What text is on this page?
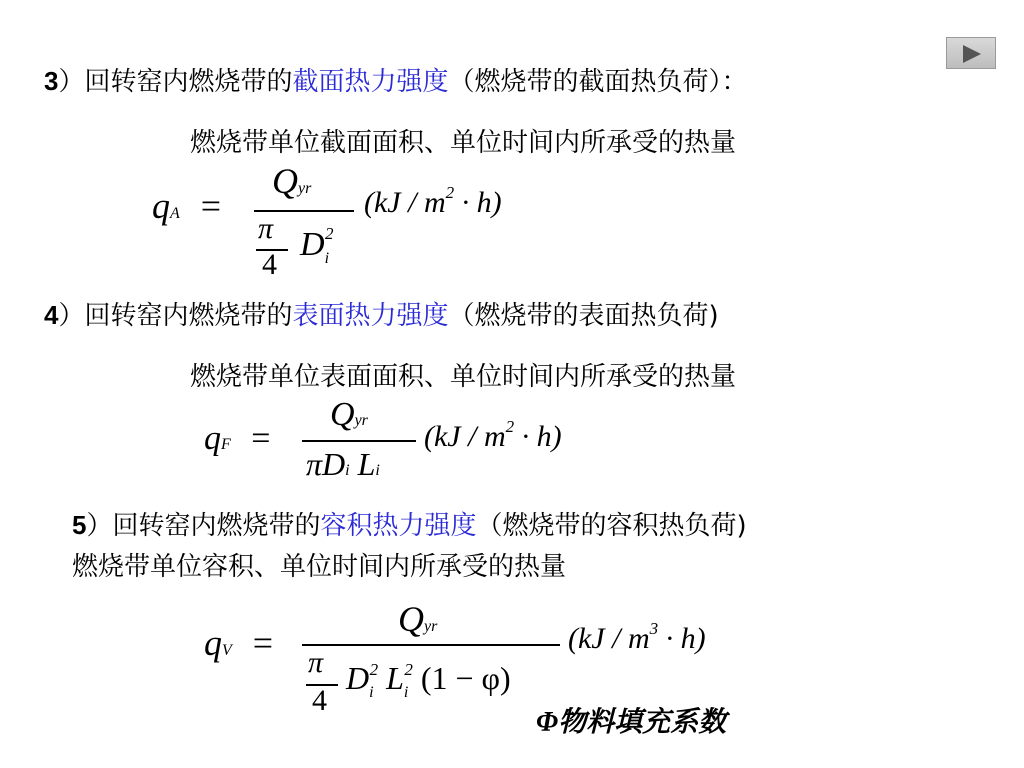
3）回转窑内燃烧带的截面热力强度（燃烧带的截面热负荷）：
燃烧带单位截面面积、单位时间内所承受的热量
qA =
Qyr
π
4
$D_i^2$
$(kJ / m^2 \cdot h)$
4）回转窑内燃烧带的表面热力强度（燃烧带的表面热负荷)
燃烧带单位表面面积、单位时间内所承受的热量
qF =
Qyr
πDi Li
$(kJ / m^2 \cdot h)$
5）回转窑内燃烧带的容积热力强度（燃烧带的容积热负荷)
燃烧带单位容积、单位时间内所承受的热量
qV =
Qyr
π
4
$D_i^2$ $L_i^2$ (1 − φ)
$(kJ / m^3 \cdot h)$
Φ物料填充系数
